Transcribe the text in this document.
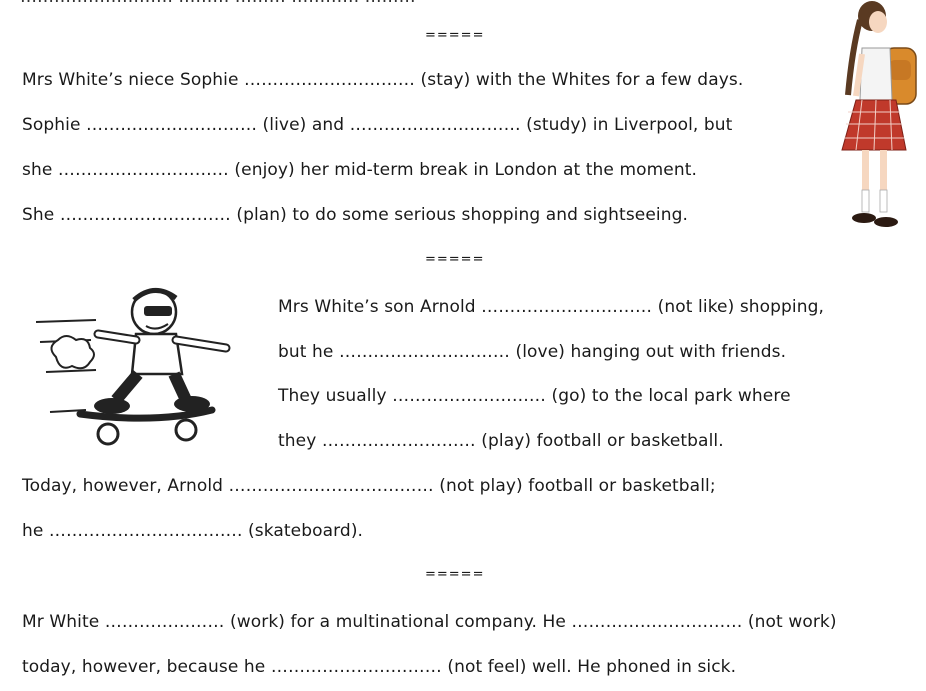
=====
Mrs White’s niece Sophie ………………………… (stay) with the Whites for a few days.
Sophie ………………………… (live) and ………………………… (study) in Liverpool, but
she ………………………… (enjoy) her mid-term break in London at the moment.
She ………………………… (plan) to do some serious shopping and sightseeing.
=====
Mrs White’s son Arnold ………………………… (not like) shopping,
but he ………………………… (love) hanging out with friends.
They usually ……………………… (go) to the local park where
they ……………………… (play) football or basketball.
Today, however, Arnold ……………………………… (not play) football or basketball;
he ……………………………. (skateboard).
=====
Mr White ………………… (work) for a multinational company. He ………………………… (not work)
today, however, because he ………………………… (not feel) well. He phoned in sick.
